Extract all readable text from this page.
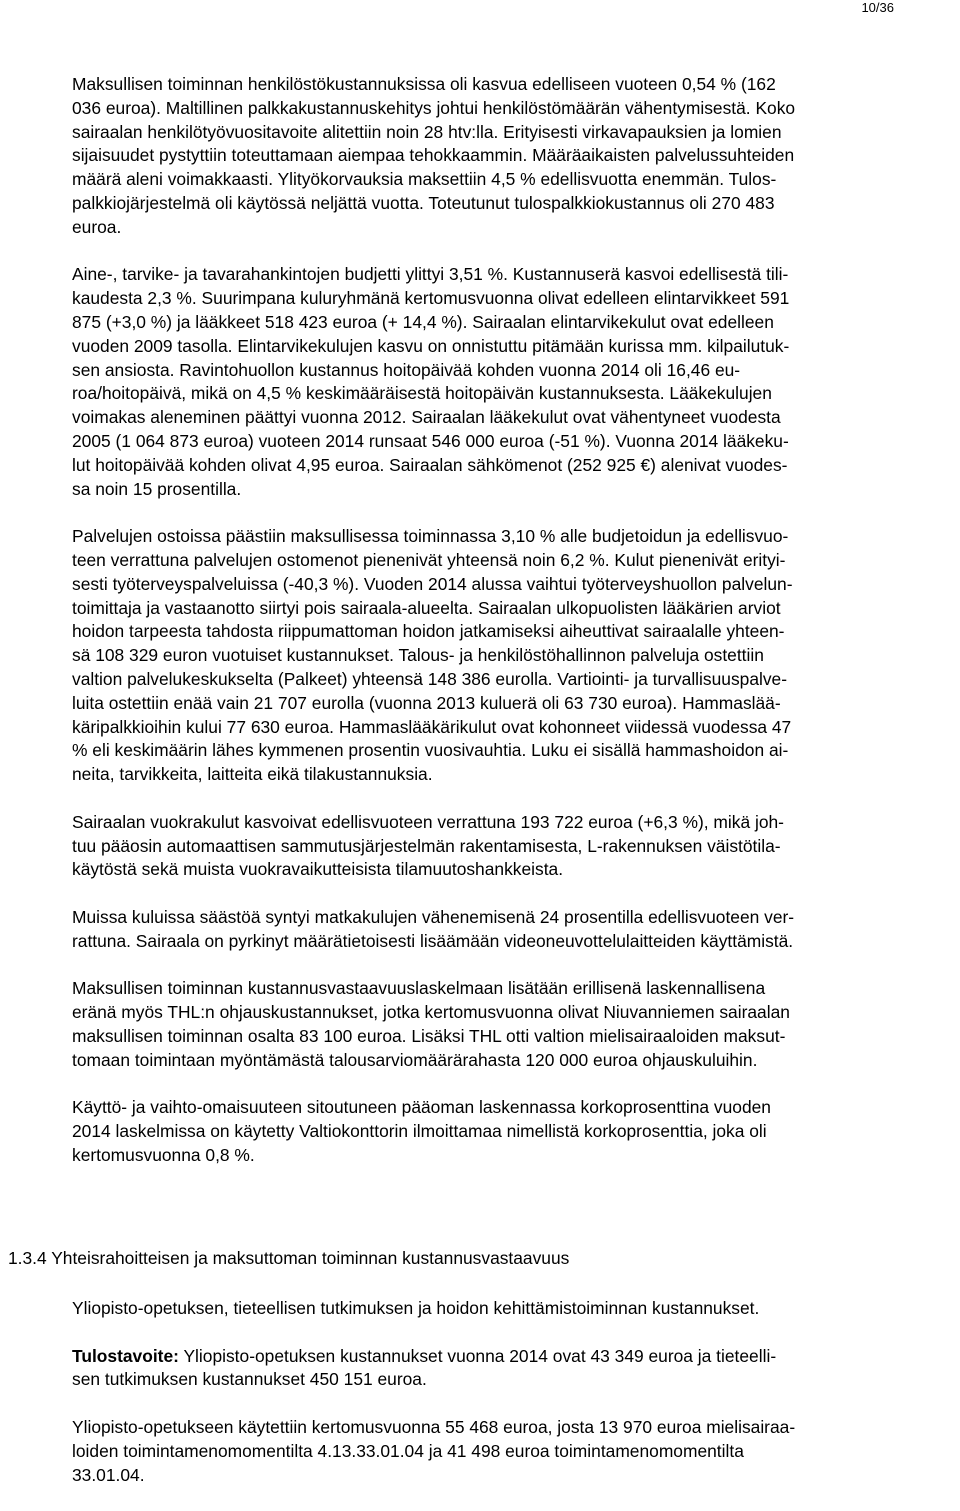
10/36

Maksullisen toiminnan henkilöstökustannuksissa oli kasvua edelliseen vuoteen 0,54 % (162
036 euroa). Maltillinen palkkakustannuskehitys johtui henkilöstömäärän vähentymisestä. Koko
sairaalan henkilötyövuositavoite alitettiin noin 28 htv:lla. Erityisesti virkavapauksien ja lomien
sijaisuudet pystyttiin toteuttamaan aiempaa tehokkaammin. Määräaikaisten palvelussuhteiden
määrä aleni voimakkaasti. Ylityökorvauksia maksettiin 4,5 % edellisvuotta enemmän. Tulos-
palkkiojärjestelmä oli käytössä neljättä vuotta. Toteutunut tulospalkkiokustannus oli 270 483
euroa.

Aine-, tarvike- ja tavarahankintojen budjetti ylittyi 3,51 %. Kustannuserä kasvoi edellisestä tili-
kaudesta 2,3 %. Suurimpana kuluryhmänä kertomusvuonna olivat edelleen elintarvikkeet 591
875 (+3,0 %) ja lääkkeet 518 423 euroa (+ 14,4 %). Sairaalan elintarvikekulut ovat edelleen
vuoden 2009 tasolla. Elintarvikekulujen kasvu on onnistuttu pitämään kurissa mm. kilpailutuk-
sen ansiosta. Ravintohuollon kustannus hoitopäivää kohden vuonna 2014 oli 16,46 eu-
roa/hoitopäivä, mikä on 4,5 % keskimääräisestä hoitopäivän kustannuksesta. Lääkekulujen
voimakas aleneminen päättyi vuonna 2012. Sairaalan lääkekulut ovat vähentyneet vuodesta
2005 (1 064 873 euroa) vuoteen 2014 runsaat 546 000 euroa (-51 %). Vuonna 2014 lääkeku-
lut hoitopäivää kohden olivat 4,95 euroa. Sairaalan sähkömenot (252 925 €) alenivat vuodes-
sa noin 15 prosentilla.

Palvelujen ostoissa päästiin maksullisessa toiminnassa 3,10 % alle budjetoidun ja edellisvuo-
teen verrattuna palvelujen ostomenot pienenivät yhteensä noin 6,2 %. Kulut pienenivät erityi-
sesti työterveyspalveluissa (-40,3 %). Vuoden 2014 alussa vaihtui työterveyshuollon palvelun-
toimittaja ja vastaanotto siirtyi pois sairaala-alueelta. Sairaalan ulkopuolisten lääkärien arviot
hoidon tarpeesta tahdosta riippumattoman hoidon jatkamiseksi aiheuttivat sairaalalle yhteen-
sä 108 329 euron vuotuiset kustannukset. Talous- ja henkilöstöhallinnon palveluja ostettiin
valtion palvelukeskukselta (Palkeet) yhteensä 148 386 eurolla. Vartiointi- ja turvallisuuspalve-
luita ostettiin enää vain 21 707 eurolla (vuonna 2013 kuluerä oli 63 730 euroa). Hammaslää-
käripalkkioihin kului 77 630 euroa. Hammaslääkärikulut ovat kohonneet viidessä vuodessa 47
% eli keskimäärin lähes kymmenen prosentin vuosivauhtia. Luku ei sisällä hammashoidon ai-
neita, tarvikkeita, laitteita eikä tilakustannuksia.

Sairaalan vuokrakulut kasvoivat edellisvuoteen verrattuna 193 722 euroa (+6,3 %), mikä joh-
tuu pääosin automaattisen sammutusjärjestelmän rakentamisesta, L-rakennuksen väistötila-
käytöstä sekä muista vuokravaikutteisista tilamuutoshankkeista.

Muissa kuluissa säästöä syntyi matkakulujen vähenemisenä 24 prosentilla edellisvuoteen ver-
rattuna. Sairaala on pyrkinyt määrätietoisesti lisäämään videoneuvottelulaitteiden käyttämistä.

Maksullisen toiminnan kustannusvastaavuuslaskelmaan lisätään erillisenä laskennallisena
eränä myös THL:n ohjauskustannukset, jotka kertomusvuonna olivat Niuvanniemen sairaalan
maksullisen toiminnan osalta 83 100 euroa. Lisäksi THL otti valtion mielisairaaloiden maksut-
tomaan toimintaan myöntämästä talousarviomäärärahasta 120 000 euroa ohjauskuluihin.

Käyttö- ja vaihto-omaisuuteen sitoutuneen pääoman laskennassa korkoprosenttina vuoden
2014 laskelmissa on käytetty Valtiokonttorin ilmoittamaa nimellistä korkoprosenttia, joka oli
kertomusvuonna 0,8 %.

1.3.4 Yhteisrahoitteisen ja maksuttoman toiminnan kustannusvastaavuus

Yliopisto-opetuksen, tieteellisen tutkimuksen ja hoidon kehittämistoiminnan kustannukset.

Tulostavoite: Yliopisto-opetuksen kustannukset vuonna 2014 ovat 43 349 euroa ja tieteelli-
sen tutkimuksen kustannukset 450 151 euroa.

Yliopisto-opetukseen käytettiin kertomusvuonna 55 468 euroa, josta 13 970 euroa mielisairaa-
loiden toimintamenomomentilta 4.13.33.01.04 ja 41 498 euroa toimintamenomomentilta
33.01.04.
